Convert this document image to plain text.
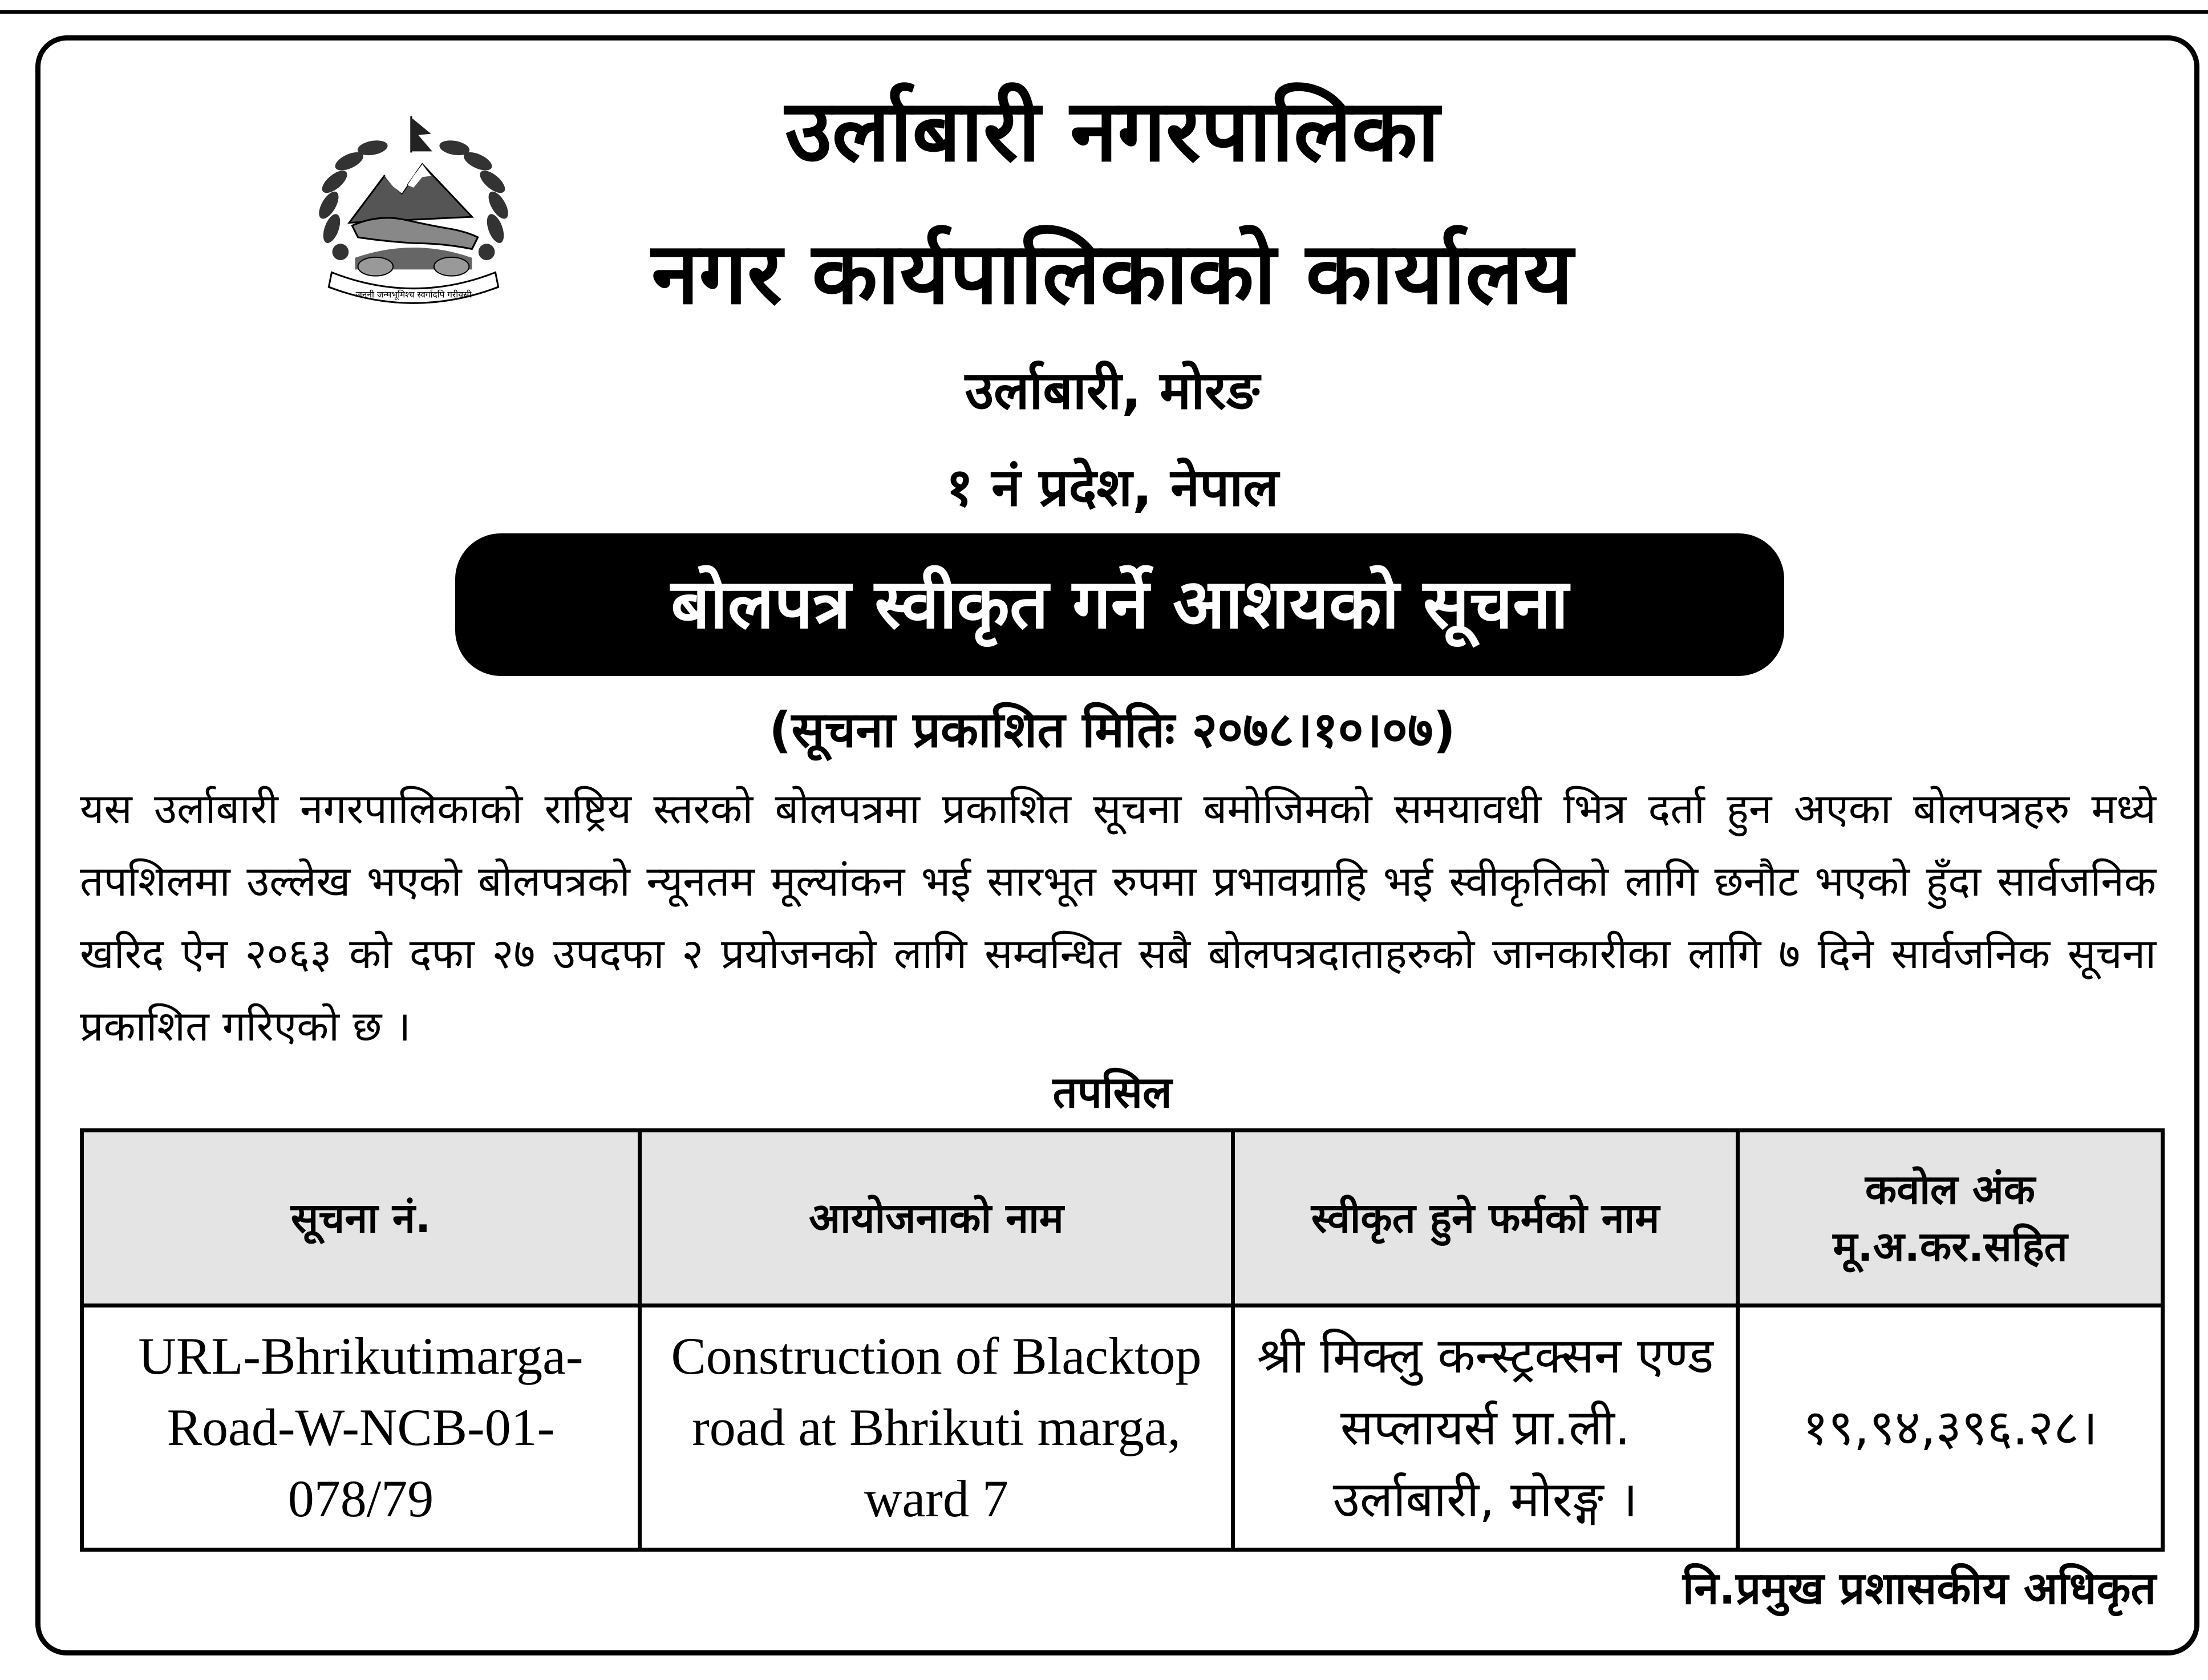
जननी जन्मभूमिश्च स्वर्गादपि गरीयसी
उर्लाबारी नगरपालिका
नगर कार्यपालिकाको कार्यालय
उर्लाबारी, मोरङ
१ नं प्रदेश, नेपाल
बोलपत्र स्वीकृत गर्ने आशयको सूचना
(सूचना प्रकाशित मितिः २०७८।१०।०७)
यस उर्लाबारी नगरपालिकाको राष्ट्रिय स्तरको बोलपत्रमा प्रकाशित सूचना बमोजिमको समयावधी भित्र दर्ता हुन अएका बोलपत्रहरु मध्ये तपशिलमा उल्लेख भएको बोलपत्रको न्यूनतम मूल्यांकन भई सारभूत रुपमा प्रभावग्राहि भई स्वीकृतिको लागि छनौट भएको हुँदा सार्वजनिक खरिद ऐन २०६३ को दफा २७ उपदफा २ प्रयोजनको लागि सम्वन्धित सबै बोलपत्रदाताहरुको जानकारीका लागि ७ दिने सार्वजनिक सूचना प्रकाशित गरिएको छ ।
तपसिल
सूचना नं.	आयोजनाको नाम	स्वीकृत हुने फर्मको नाम	कवोल अंक मू.अ.कर.सहित

URL-Bhrikutimarga-Road-W-NCB-01-078/79	Construction of Blacktop road at Bhrikuti marga, ward 7	श्री मिक्लु कन्स्ट्रक्सन एण्ड सप्लायर्स प्रा.ली. उर्लाबारी, मोरङ्ग ।	१९,९४,३९६.२८।
नि.प्रमुख प्रशासकीय अधिकृत
